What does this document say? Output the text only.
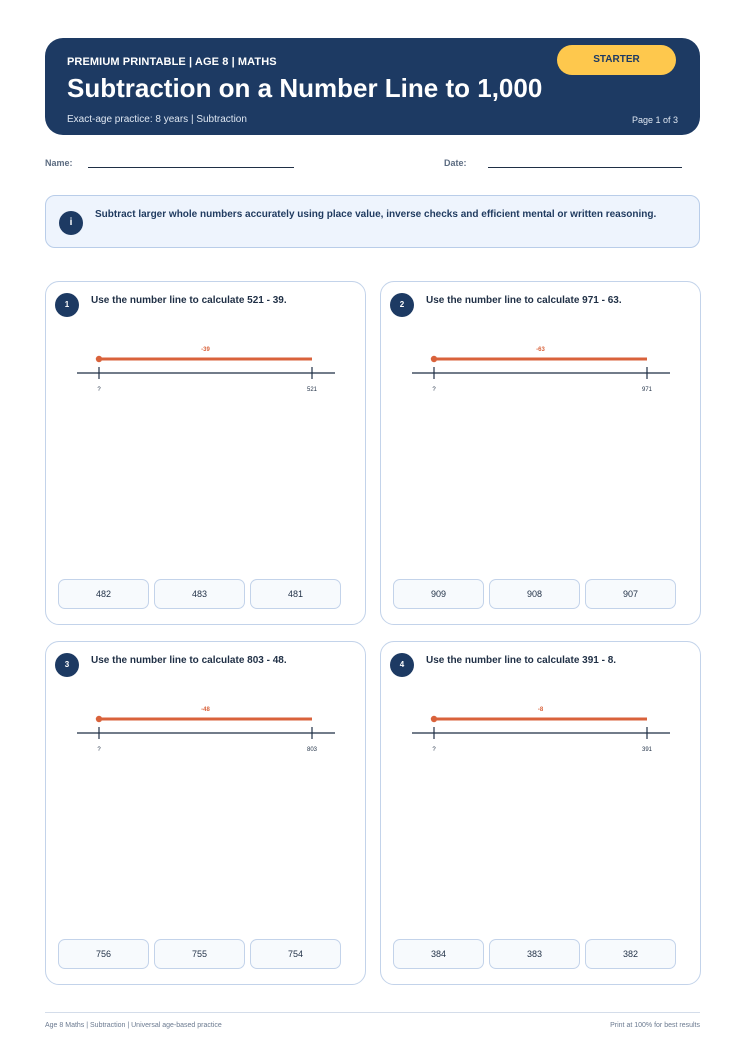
PREMIUM PRINTABLE | AGE 8 | MATHS
Subtraction on a Number Line to 1,000
Exact-age practice: 8 years | Subtraction	Page 1 of 3
STARTER
Name:	Date:
i
Subtract larger whole numbers accurately using place value, inverse checks and efficient mental or written reasoning.
1	Use the number line to calculate 521 - 39.
-39
?	521
482	483	481
2	Use the number line to calculate 971 - 63.
-63
?	971
909	908	907
3	Use the number line to calculate 803 - 48.
-48
?	803
756	755	754
4	Use the number line to calculate 391 - 8.
-8
?	391
384	383	382
Age 8 Maths | Subtraction | Universal age-based practice	Print at 100% for best results
